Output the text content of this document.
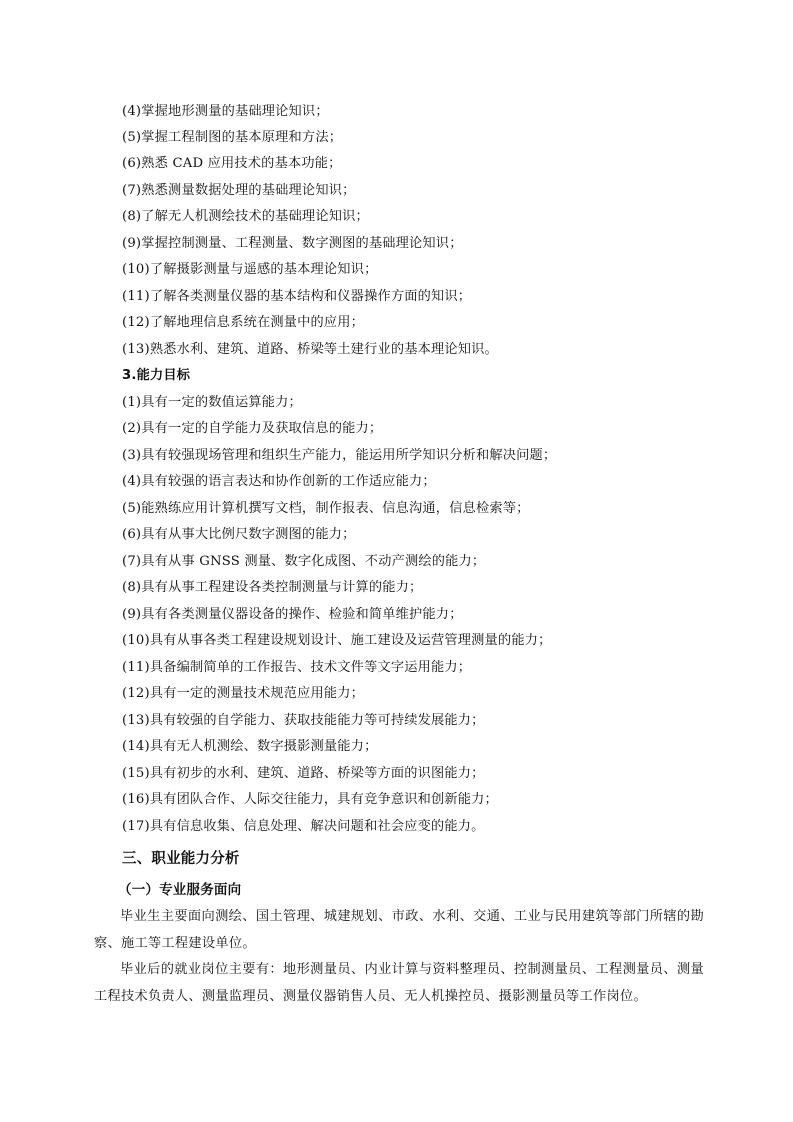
(4)掌握地形测量的基础理论知识；
(5)掌握工程制图的基本原理和方法；
(6)熟悉 CAD 应用技术的基本功能；
(7)熟悉测量数据处理的基础理论知识；
(8)了解无人机测绘技术的基础理论知识；
(9)掌握控制测量、工程测量、数字测图的基础理论知识；
(10)了解摄影测量与遥感的基本理论知识；
(11)了解各类测量仪器的基本结构和仪器操作方面的知识；
(12)了解地理信息系统在测量中的应用；
(13)熟悉水利、建筑、道路、桥梁等土建行业的基本理论知识。
3.能力目标
(1)具有一定的数值运算能力；
(2)具有一定的自学能力及获取信息的能力；
(3)具有较强现场管理和组织生产能力，能运用所学知识分析和解决问题；
(4)具有较强的语言表达和协作创新的工作适应能力；
(5)能熟练应用计算机撰写文档，制作报表、信息沟通，信息检索等；
(6)具有从事大比例尺数字测图的能力；
(7)具有从事 GNSS 测量、数字化成图、不动产测绘的能力；
(8)具有从事工程建设各类控制测量与计算的能力；
(9)具有各类测量仪器设备的操作、检验和简单维护能力；
(10)具有从事各类工程建设规划设计、施工建设及运营管理测量的能力；
(11)具备编制简单的工作报告、技术文件等文字运用能力；
(12)具有一定的测量技术规范应用能力；
(13)具有较强的自学能力、获取技能能力等可持续发展能力；
(14)具有无人机测绘、数字摄影测量能力；
(15)具有初步的水利、建筑、道路、桥梁等方面的识图能力；
(16)具有团队合作、人际交往能力，具有竞争意识和创新能力；
(17)具有信息收集、信息处理、解决问题和社会应变的能力。
三、职业能力分析
（一）专业服务面向
毕业生主要面向测绘、国土管理、城建规划、市政、水利、交通、工业与民用建筑等部门所辖的勘察、施工等工程建设单位。
毕业后的就业岗位主要有：地形测量员、内业计算与资料整理员、控制测量员、工程测量员、测量工程技术负责人、测量监理员、测量仪器销售人员、无人机操控员、摄影测量员等工作岗位。
